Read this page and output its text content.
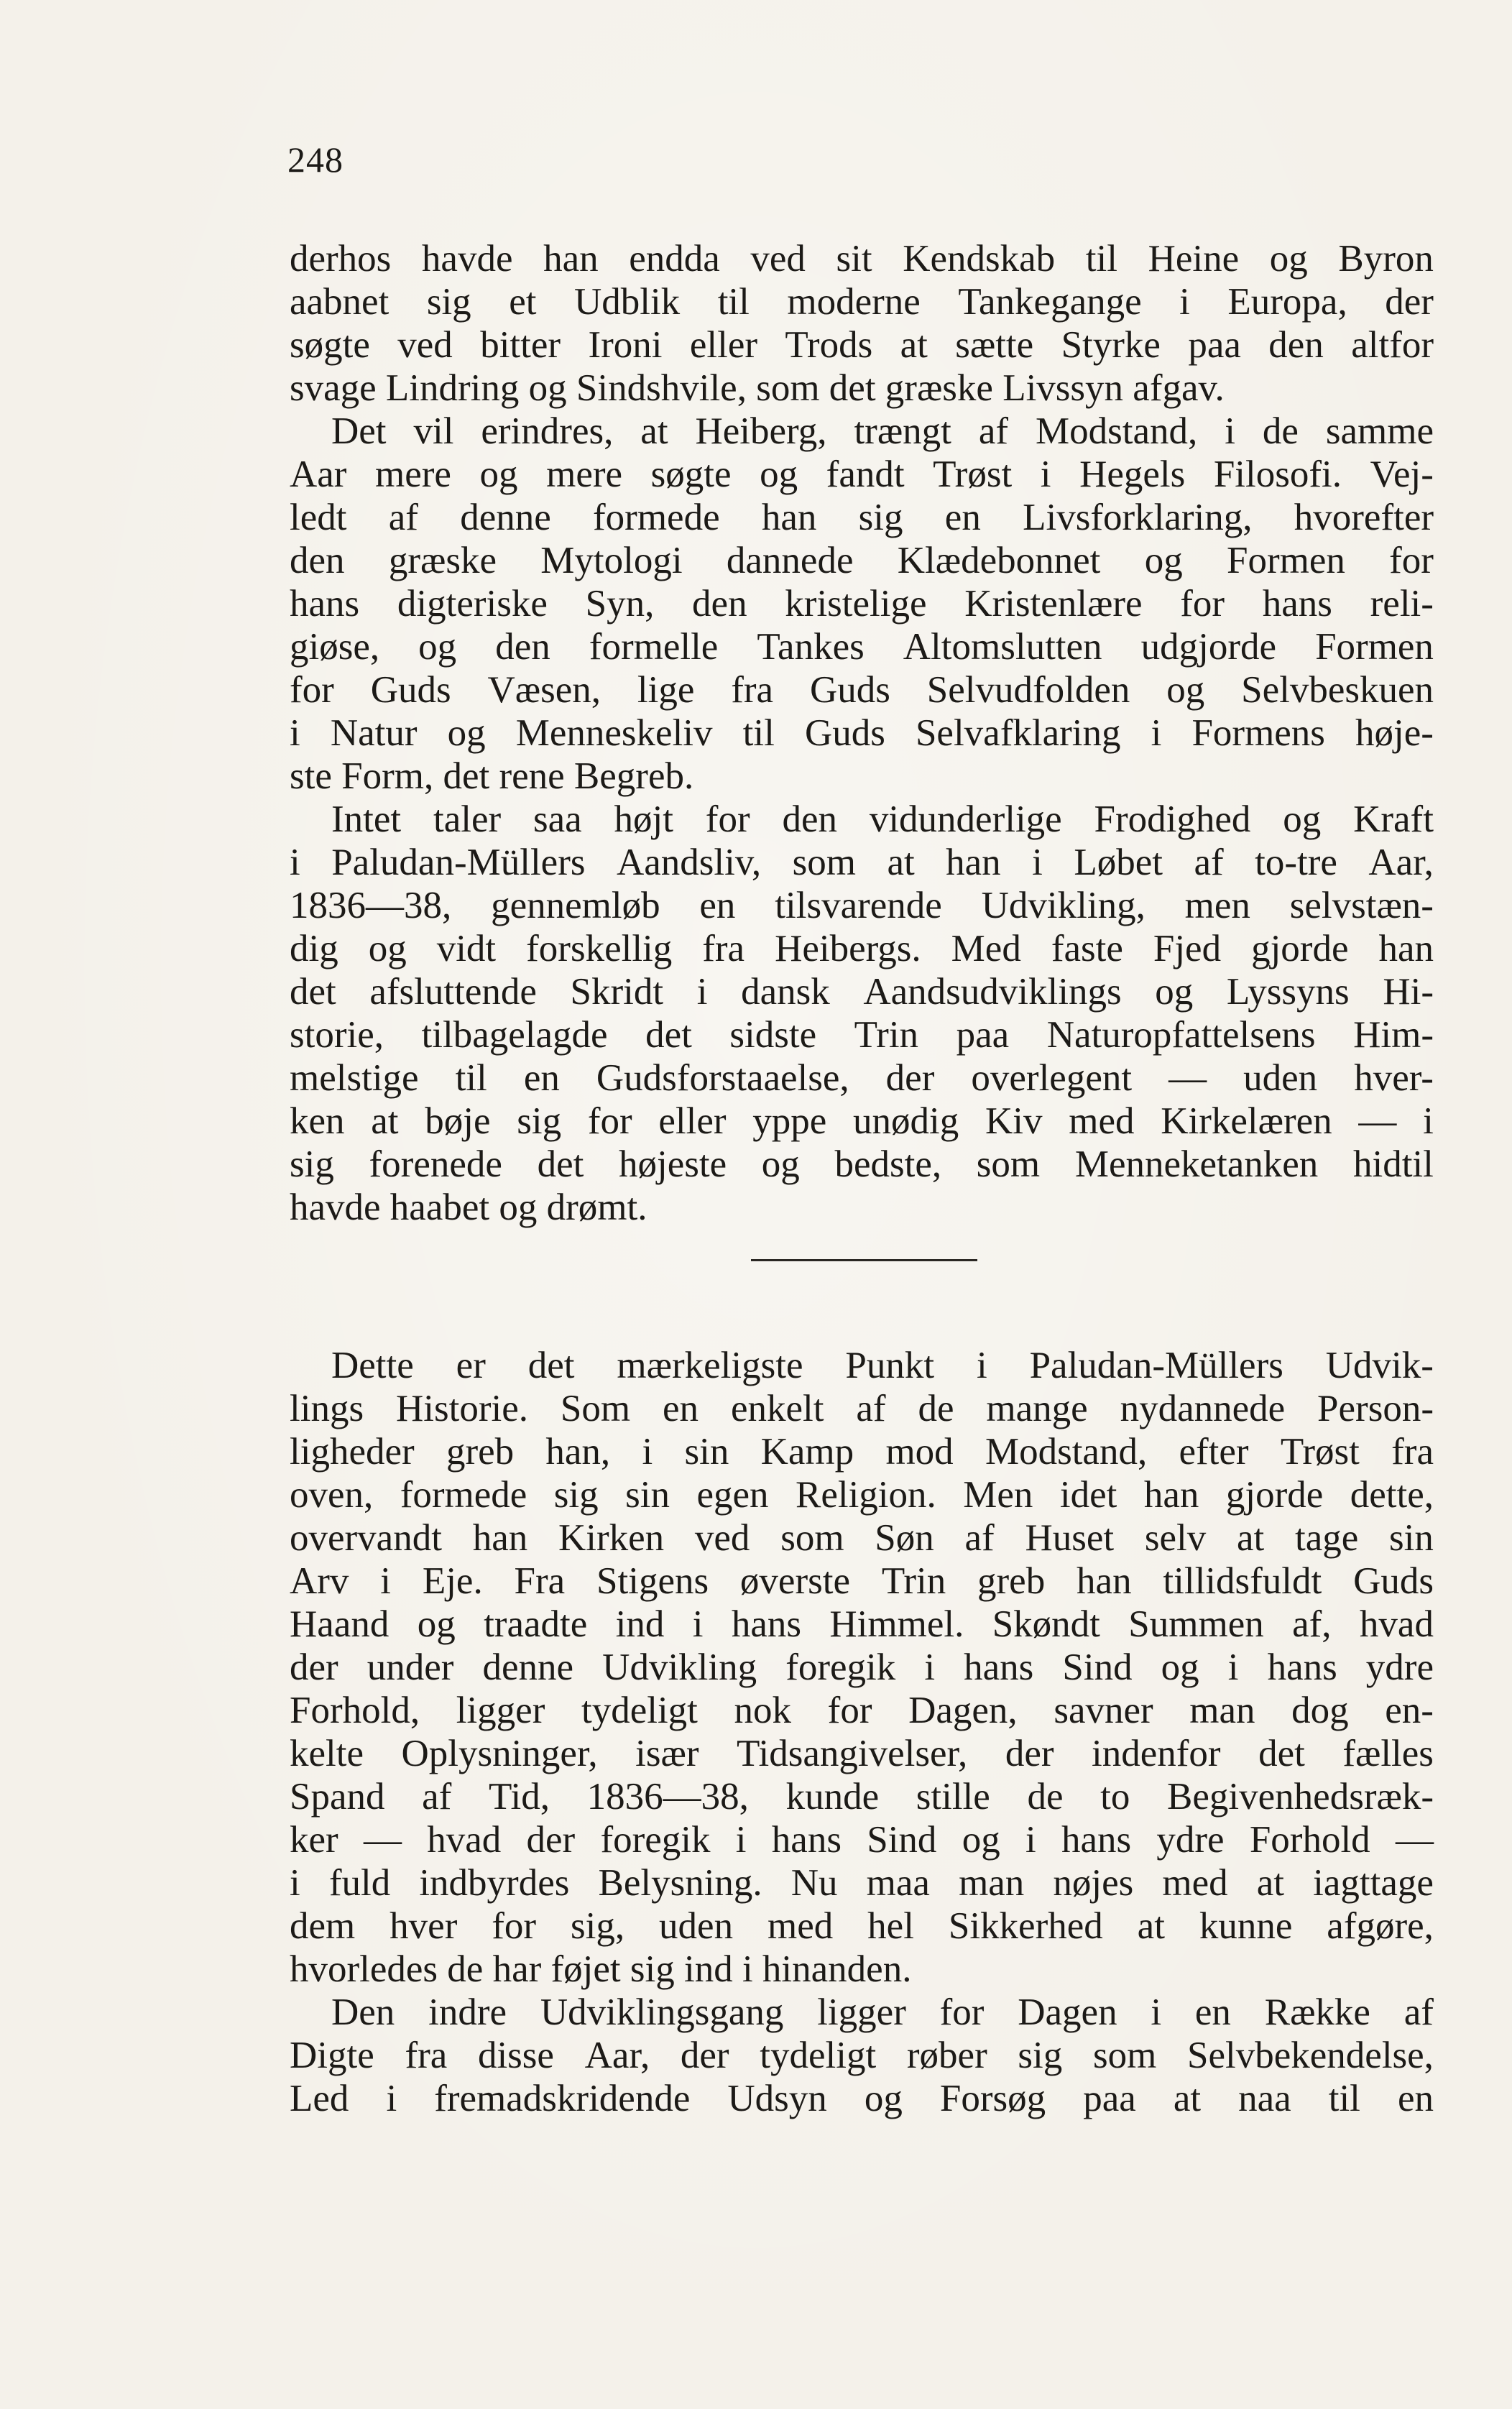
248
derhos havde han endda ved sit Kendskab til Heine og Byron
aabnet sig et Udblik til moderne Tankegange i Europa, der
søgte ved bitter Ironi eller Trods at sætte Styrke paa den altfor
svage Lindring og Sindshvile, som det græske Livssyn afgav.
Det vil erindres, at Heiberg, trængt af Modstand, i de samme
Aar mere og mere søgte og fandt Trøst i Hegels Filosofi. Vej-
ledt af denne formede han sig en Livsforklaring, hvorefter
den græske Mytologi dannede Klædebonnet og Formen for
hans digteriske Syn, den kristelige Kristenlære for hans reli-
giøse, og den formelle Tankes Altomslutten udgjorde Formen
for Guds Væsen, lige fra Guds Selvudfolden og Selvbeskuen
i Natur og Menneskeliv til Guds Selvafklaring i Formens høje-
ste Form, det rene Begreb.
Intet taler saa højt for den vidunderlige Frodighed og Kraft
i Paludan-Müllers Aandsliv, som at han i Løbet af to-tre Aar,
1836—38, gennemløb en tilsvarende Udvikling, men selvstæn-
dig og vidt forskellig fra Heibergs. Med faste Fjed gjorde han
det afsluttende Skridt i dansk Aandsudviklings og Lyssyns Hi-
storie, tilbagelagde det sidste Trin paa Naturopfattelsens Him-
melstige til en Gudsforstaaelse, der overlegent — uden hver-
ken at bøje sig for eller yppe unødig Kiv med Kirkelæren — i
sig forenede det højeste og bedste, som Menneketanken hidtil
havde haabet og drømt.
Dette er det mærkeligste Punkt i Paludan-Müllers Udvik-
lings Historie. Som en enkelt af de mange nydannede Person-
ligheder greb han, i sin Kamp mod Modstand, efter Trøst fra
oven, formede sig sin egen Religion. Men idet han gjorde dette,
overvandt han Kirken ved som Søn af Huset selv at tage sin
Arv i Eje. Fra Stigens øverste Trin greb han tillidsfuldt Guds
Haand og traadte ind i hans Himmel. Skøndt Summen af, hvad
der under denne Udvikling foregik i hans Sind og i hans ydre
Forhold, ligger tydeligt nok for Dagen, savner man dog en-
kelte Oplysninger, især Tidsangivelser, der indenfor det fælles
Spand af Tid, 1836—38, kunde stille de to Begivenhedsræk-
ker — hvad der foregik i hans Sind og i hans ydre Forhold —
i fuld indbyrdes Belysning. Nu maa man nøjes med at iagttage
dem hver for sig, uden med hel Sikkerhed at kunne afgøre,
hvorledes de har føjet sig ind i hinanden.
Den indre Udviklingsgang ligger for Dagen i en Række af
Digte fra disse Aar, der tydeligt røber sig som Selvbekendelse,
Led i fremadskridende Udsyn og Forsøg paa at naa til en
